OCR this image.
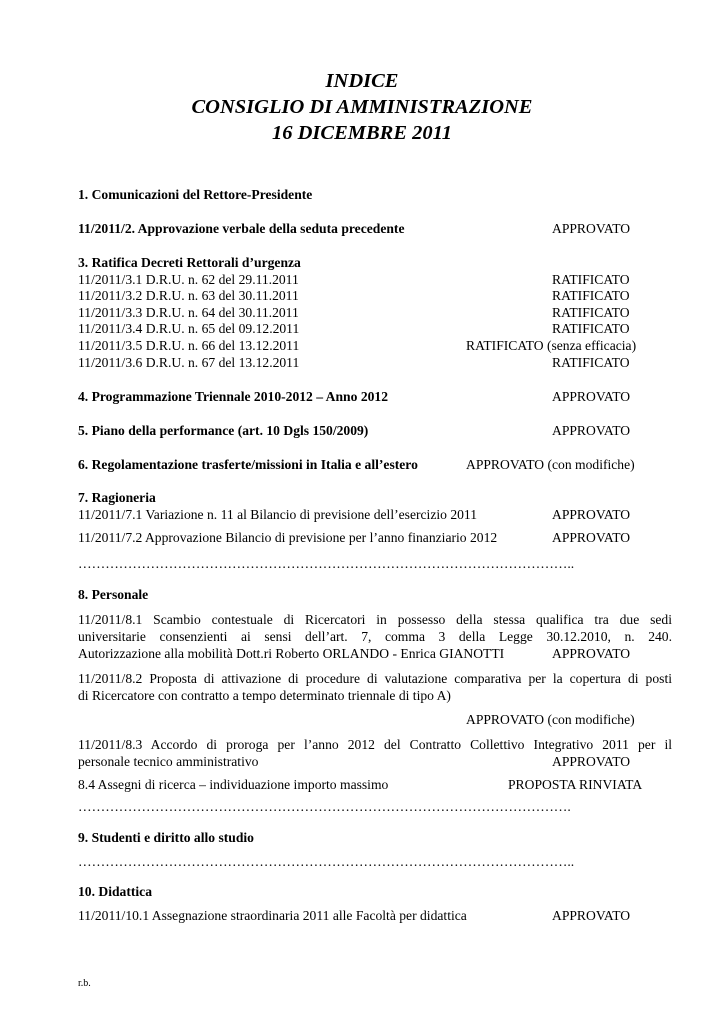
INDICE
CONSIGLIO DI AMMINISTRAZIONE
16 DICEMBRE 2011
1. Comunicazioni del Rettore-Presidente
11/2011/2. Approvazione verbale della seduta precedente	APPROVATO
3. Ratifica Decreti Rettorali d’urgenza
11/2011/3.1 D.R.U. n. 62 del 29.11.2011	RATIFICATO
11/2011/3.2 D.R.U. n. 63 del 30.11.2011	RATIFICATO
11/2011/3.3 D.R.U. n. 64 del 30.11.2011	RATIFICATO
11/2011/3.4 D.R.U. n. 65 del 09.12.2011	RATIFICATO
11/2011/3.5 D.R.U. n. 66 del 13.12.2011	RATIFICATO (senza efficacia)
11/2011/3.6 D.R.U. n. 67 del 13.12.2011	RATIFICATO
4. Programmazione Triennale 2010-2012 – Anno 2012	APPROVATO
5. Piano della performance (art. 10 Dgls 150/2009)	APPROVATO
6. Regolamentazione trasferte/missioni in Italia e all’estero	APPROVATO (con modifiche)
7. Ragioneria
11/2011/7.1 Variazione n. 11 al Bilancio di previsione dell’esercizio 2011	APPROVATO
11/2011/7.2 Approvazione Bilancio di previsione per l’anno finanziario 2012	APPROVATO
………………………………………………………………………………………………..
8. Personale
11/2011/8.1 Scambio contestuale di Ricercatori in possesso della stessa qualifica tra due sedi
universitarie consenzienti ai sensi dell’art. 7, comma 3 della Legge 30.12.2010, n. 240.
Autorizzazione alla mobilità Dott.ri Roberto ORLANDO - Enrica GIANOTTI	APPROVATO
11/2011/8.2 Proposta di attivazione di procedure di valutazione comparativa per la copertura di posti
di Ricercatore con contratto a tempo determinato triennale di tipo A)
APPROVATO (con modifiche)
11/2011/8.3 Accordo di proroga per l’anno 2012 del Contratto Collettivo Integrativo 2011 per il
personale tecnico amministrativo	APPROVATO
8.4 Assegni di ricerca – individuazione importo massimo	PROPOSTA RINVIATA
……………………………………………………………………………………………….
9. Studenti e diritto allo studio
………………………………………………………………………………………………..
10. Didattica
11/2011/10.1 Assegnazione straordinaria 2011 alle Facoltà per didattica	APPROVATO
r.b.
